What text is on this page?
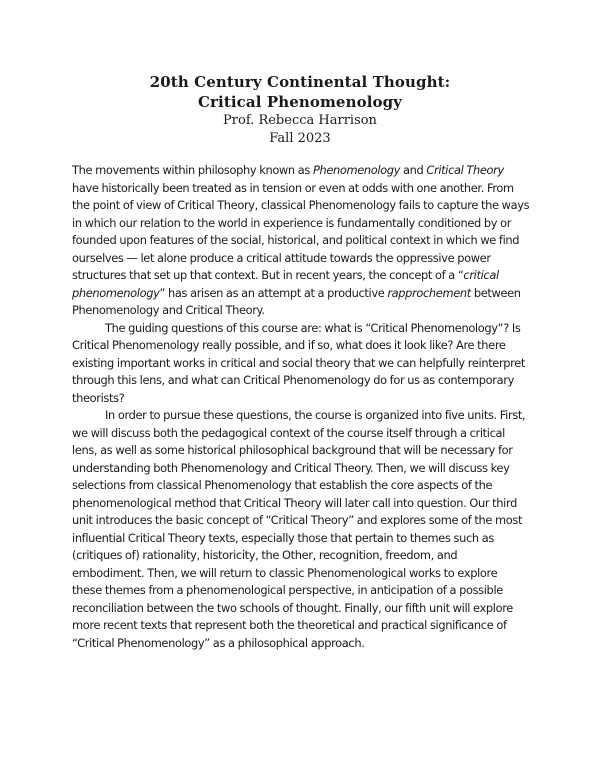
20th Century Continental Thought:

Critical Phenomenology

Prof. Rebecca Harrison

Fall 2023

The movements within philosophy known as Phenomenology and Critical Theory have historically been treated as in tension or even at odds with one another. From the point of view of Critical Theory, classical Phenomenology fails to capture the ways in which our relation to the world in experience is fundamentally conditioned by or founded upon features of the social, historical, and political context in which we find ourselves — let alone produce a critical attitude towards the oppressive power structures that set up that context. But in recent years, the concept of a “critical phenomenology” has arisen as an attempt at a productive rapprochement between Phenomenology and Critical Theory.

The guiding questions of this course are: what is “Critical Phenomenology”? Is Critical Phenomenology really possible, and if so, what does it look like? Are there existing important works in critical and social theory that we can helpfully reinterpret through this lens, and what can Critical Phenomenology do for us as contemporary theorists?

In order to pursue these questions, the course is organized into five units. First, we will discuss both the pedagogical context of the course itself through a critical lens, as well as some historical philosophical background that will be necessary for understanding both Phenomenology and Critical Theory. Then, we will discuss key selections from classical Phenomenology that establish the core aspects of the phenomenological method that Critical Theory will later call into question. Our third unit introduces the basic concept of “Critical Theory” and explores some of the most influential Critical Theory texts, especially those that pertain to themes such as (critiques of) rationality, historicity, the Other, recognition, freedom, and embodiment. Then, we will return to classic Phenomenological works to explore these themes from a phenomenological perspective, in anticipation of a possible reconciliation between the two schools of thought. Finally, our fifth unit will explore more recent texts that represent both the theoretical and practical significance of “Critical Phenomenology” as a philosophical approach.
